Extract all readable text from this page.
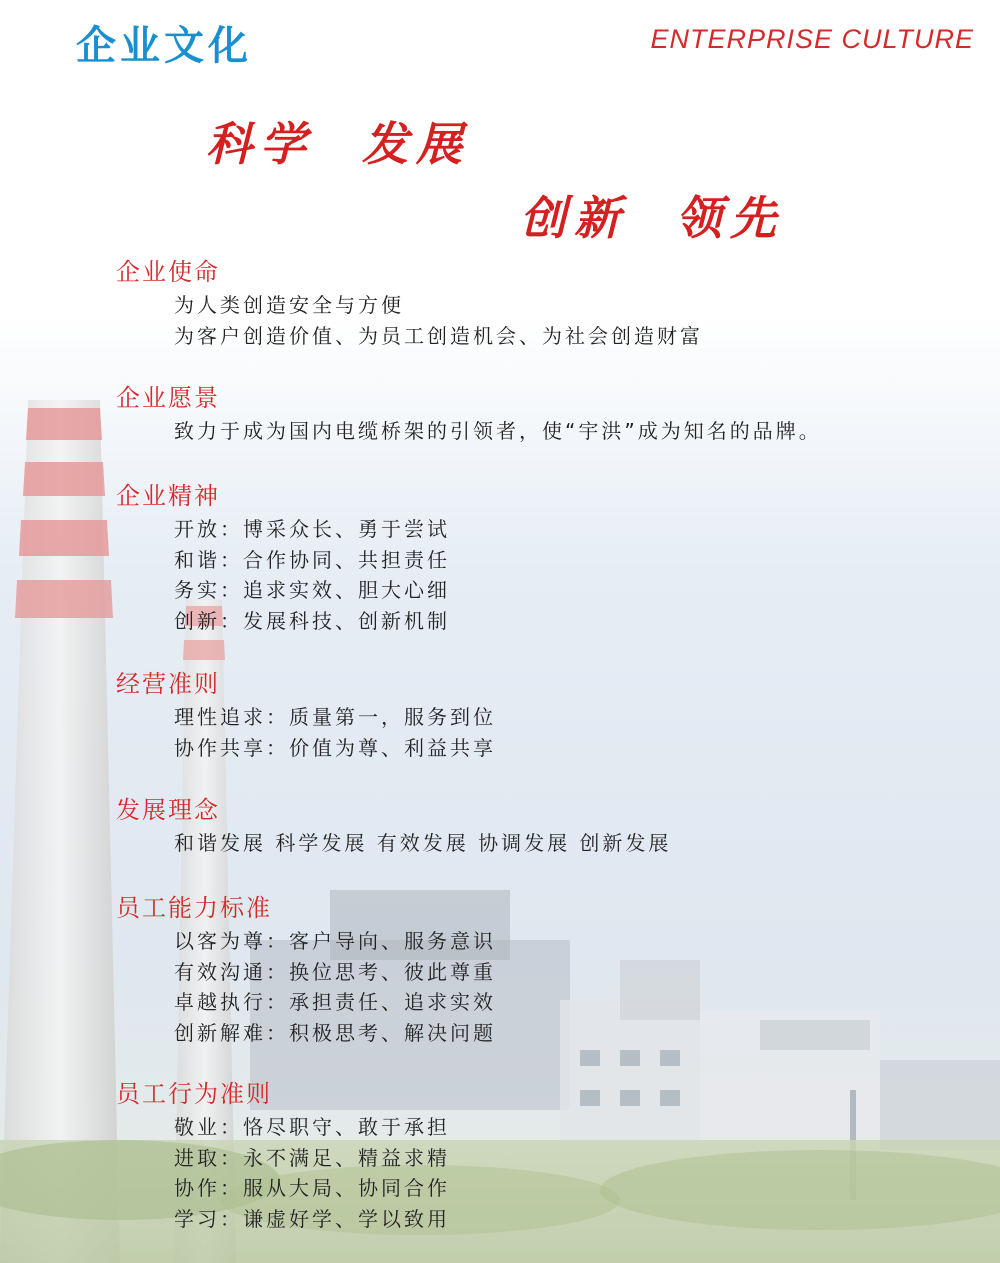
企业文化	ENTERPRISE CULTURE
科学  发展
创新  领先
企业使命
为人类创造安全与方便
为客户创造价值、为员工创造机会、为社会创造财富
企业愿景
致力于成为国内电缆桥架的引领者，使“宇洪”成为知名的品牌。
企业精神
开放：博采众长、勇于尝试
和谐：合作协同、共担责任
务实：追求实效、胆大心细
创新：发展科技、创新机制
经营准则
理性追求：质量第一，服务到位
协作共享：价值为尊、利益共享
发展理念
和谐发展 科学发展 有效发展 协调发展 创新发展
员工能力标准
以客为尊：客户导向、服务意识
有效沟通：换位思考、彼此尊重
卓越执行：承担责任、追求实效
创新解难：积极思考、解决问题
员工行为准则
敬业：恪尽职守、敢于承担
进取：永不满足、精益求精
协作：服从大局、协同合作
学习：谦虚好学、学以致用
